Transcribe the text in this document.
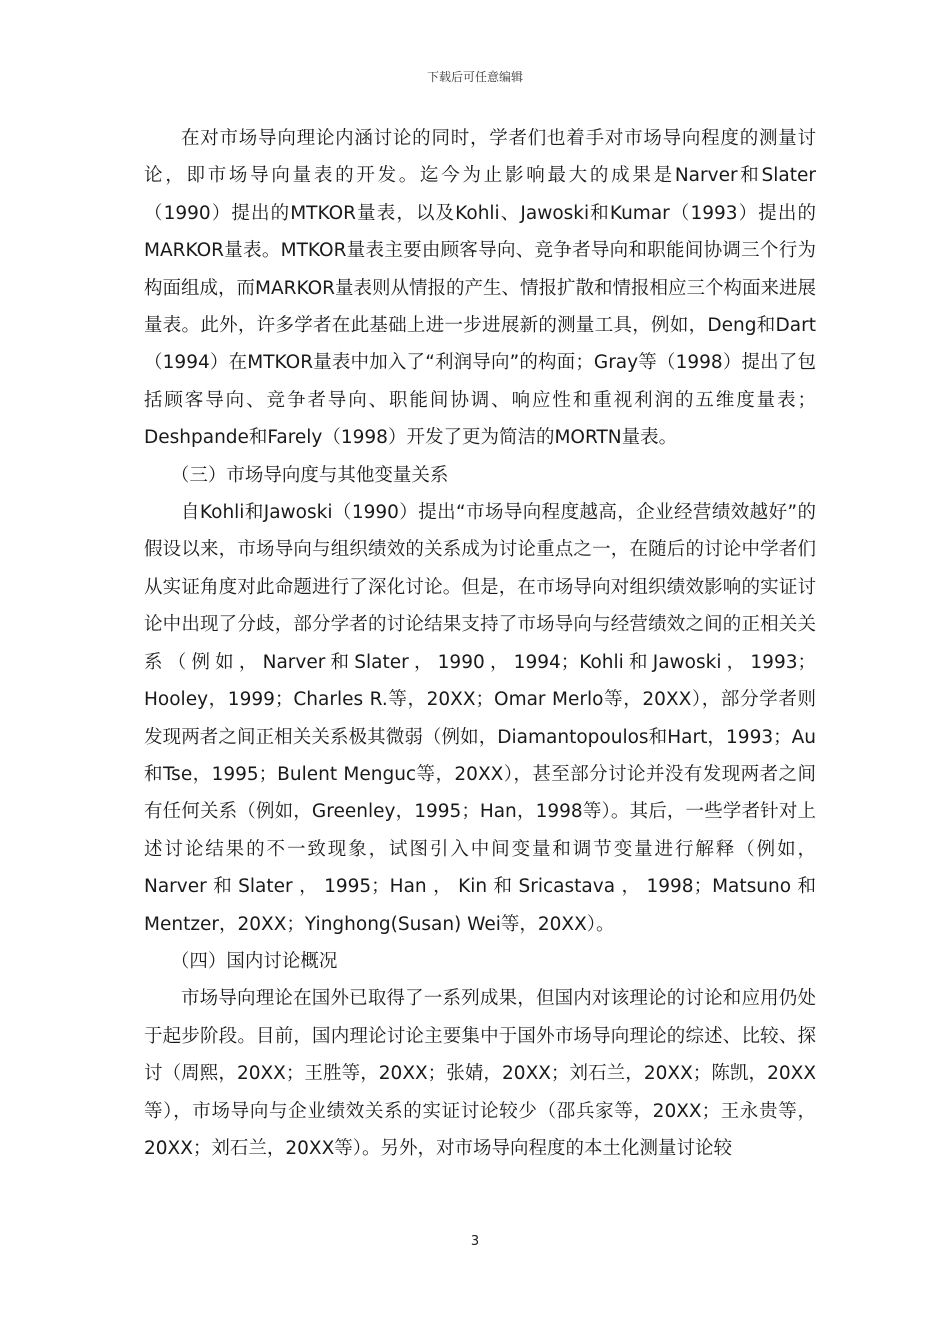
下载后可任意编辑

在对市场导向理论内涵讨论的同时，学者们也着手对市场导向程度的测量讨论，即市场导向量表的开发。迄今为止影响最大的成果是Narver和Slater（1990）提出的MTKOR量表，以及Kohli、Jawoski和Kumar（1993）提出的MARKOR量表。MTKOR量表主要由顾客导向、竞争者导向和职能间协调三个行为构面组成，而MARKOR量表则从情报的产生、情报扩散和情报相应三个构面来进展量表。此外，许多学者在此基础上进一步进展新的测量工具，例如，Deng和Dart（1994）在MTKOR量表中加入了“利润导向”的构面；Gray等（1998）提出了包括顾客导向、竞争者导向、职能间协调、响应性和重视利润的五维度量表；Deshpande和Farely（1998）开发了更为简洁的MORTN量表。

（三）市场导向度与其他变量关系

自Kohli和Jawoski（1990）提出“市场导向程度越高，企业经营绩效越好”的假设以来，市场导向与组织绩效的关系成为讨论重点之一，在随后的讨论中学者们从实证角度对此命题进行了深化讨论。但是，在市场导向对组织绩效影响的实证讨论中出现了分歧，部分学者的讨论结果支持了市场导向与经营绩效之间的正相关关系（例如，Narver和Slater，1990，1994；Kohli和Jawoski，1993；Hooley，1999；Charles R.等，20XX；Omar Merlo等，20XX），部分学者则发现两者之间正相关关系极其微弱（例如，Diamantopoulos和Hart，1993；Au和Tse，1995；Bulent Menguc等，20XX），甚至部分讨论并没有发现两者之间有任何关系（例如，Greenley，1995；Han，1998等）。其后，一些学者针对上述讨论结果的不一致现象，试图引入中间变量和调节变量进行解释（例如，Narver和Slater，1995；Han，Kin和Sricastava，1998；Matsuno和Mentzer，20XX；Yinghong(Susan) Wei等，20XX）。

（四）国内讨论概况

市场导向理论在国外已取得了一系列成果，但国内对该理论的讨论和应用仍处于起步阶段。目前，国内理论讨论主要集中于国外市场导向理论的综述、比较、探讨（周熙，20XX；王胜等，20XX；张婧，20XX；刘石兰，20XX；陈凯，20XX等），市场导向与企业绩效关系的实证讨论较少（邵兵家等，20XX；王永贵等，20XX；刘石兰，20XX等）。另外，对市场导向程度的本土化测量讨论较

3
